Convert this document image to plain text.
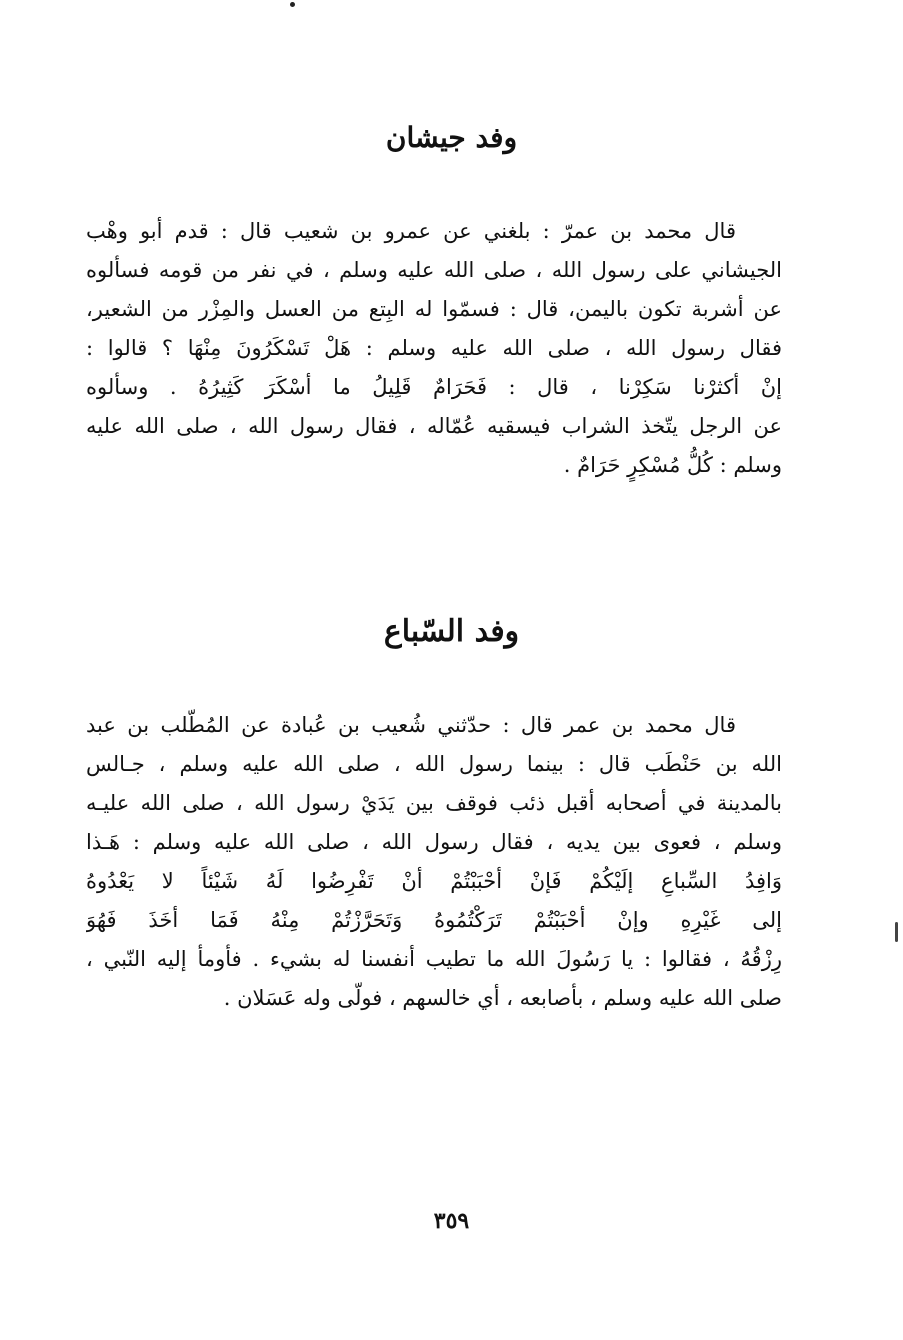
وفد جيشان
قال محمد بن عمرّ : بلغني عن عمرو بن شعيب قال : قدم أبو وهْب
الجيشاني على رسول الله ، صلى الله عليه وسلم ، في نفر من قومه فسألوه
عن أشربة تكون باليمن، قال : فسمّوا له البِتع من العسل والمِزْر من الشعير،
فقال رسول الله ، صلى الله عليه وسلم : هَلْ تَسْكَرُونَ مِنْهَا ؟ قالوا :
إنْ أكثرْنا سَكِرْنا ، قال : فَحَرَامٌ قَلِيلُ ما أسْكَرَ كَثِيرُهُ . وسألوه
عن الرجل يتّخذ الشراب فيسقيه عُمّاله ، فقال رسول الله ، صلى الله عليه
وسلم : كُلُّ مُسْكِرٍ حَرَامٌ .
وفد السّباع
قال محمد بن عمر قال : حدّثني شُعيب بن عُبادة عن المُطّلب بن عبد
الله بن حَنْطَب قال : بينما رسول الله ، صلى الله عليه وسلم ، جـالس
بالمدينة في أصحابه أقبل ذئب فوقف بين يَدَيْ رسول الله ، صلى الله عليـه
وسلم ، فعوى بين يديه ، فقال رسول الله ، صلى الله عليه وسلم : هَـذا
وَافِدُ السِّباعِ إلَيْكُمْ فَإنْ أحْبَبْتُمْ أنْ تَفْرِضُوا لَهُ شَيْئاً لا يَعْدُوهُ
إلى غَيْرِهِ وإنْ أحْبَبْتُمْ تَرَكْتُمُوهُ وَتَحَرَّزْتُمْ مِنْهُ فَمَا أخَذَ فَهُوَ
رِزْقُهُ ، فقالوا : يا رَسُولَ الله ما تطيب أنفسنا له بشيء . فأومأ إليه النّبي ،
صلى الله عليه وسلم ، بأصابعه ، أي خالسهم ، فولّى وله عَسَلان .
٣٥٩
